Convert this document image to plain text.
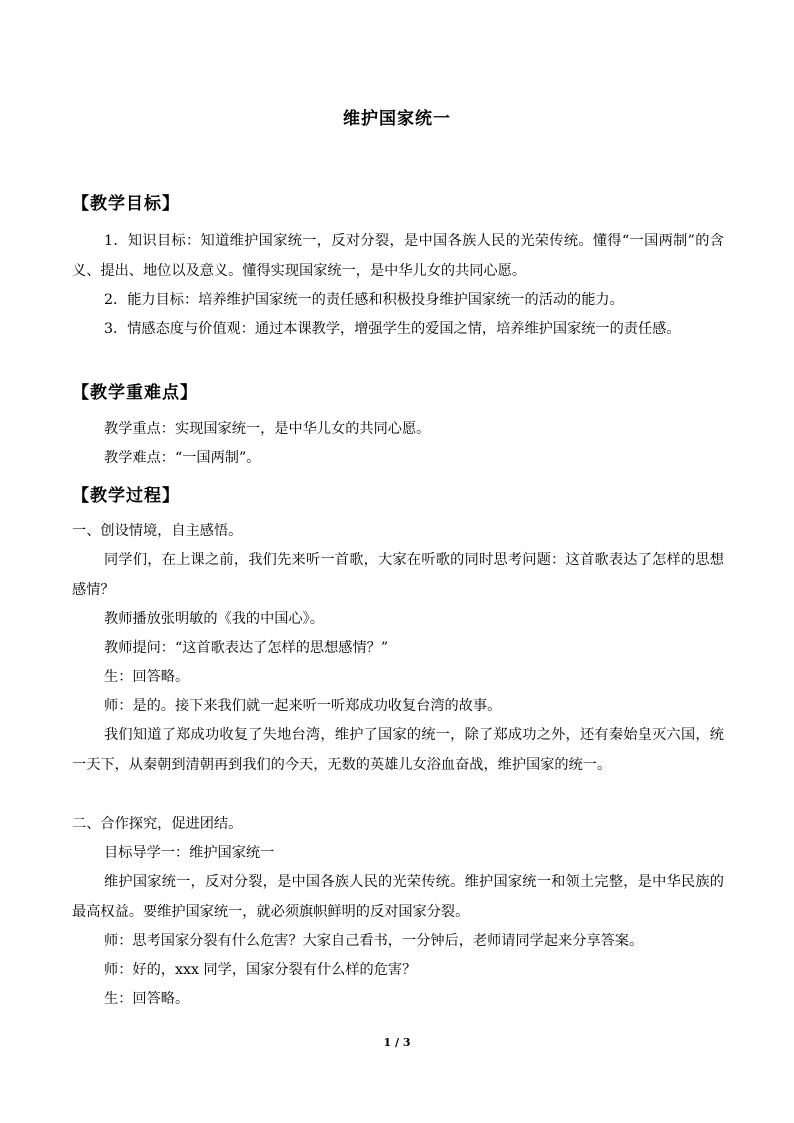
维护国家统一
【教学目标】
1．知识目标：知道维护国家统一，反对分裂，是中国各族人民的光荣传统。懂得“一国两制”的含义、提出、地位以及意义。懂得实现国家统一，是中华儿女的共同心愿。
2．能力目标：培养维护国家统一的责任感和积极投身维护国家统一的活动的能力。
3．情感态度与价值观：通过本课教学，增强学生的爱国之情，培养维护国家统一的责任感。
【教学重难点】
教学重点：实现国家统一，是中华儿女的共同心愿。
教学难点：“一国两制”。
【教学过程】
一、创设情境，自主感悟。
同学们，在上课之前，我们先来听一首歌，大家在听歌的同时思考问题：这首歌表达了怎样的思想感情？
教师播放张明敏的《我的中国心》。
教师提问：“这首歌表达了怎样的思想感情？”
生：回答略。
师：是的。接下来我们就一起来听一听郑成功收复台湾的故事。
我们知道了郑成功收复了失地台湾，维护了国家的统一，除了郑成功之外，还有秦始皇灭六国，统一天下，从秦朝到清朝再到我们的今天，无数的英雄儿女浴血奋战，维护国家的统一。
二、合作探究，促进团结。
目标导学一：维护国家统一
维护国家统一，反对分裂，是中国各族人民的光荣传统。维护国家统一和领土完整，是中华民族的最高权益。要维护国家统一，就必须旗帜鲜明的反对国家分裂。
师：思考国家分裂有什么危害？大家自己看书，一分钟后，老师请同学起来分享答案。
师：好的，xxx 同学，国家分裂有什么样的危害？
生：回答略。
1 / 3
